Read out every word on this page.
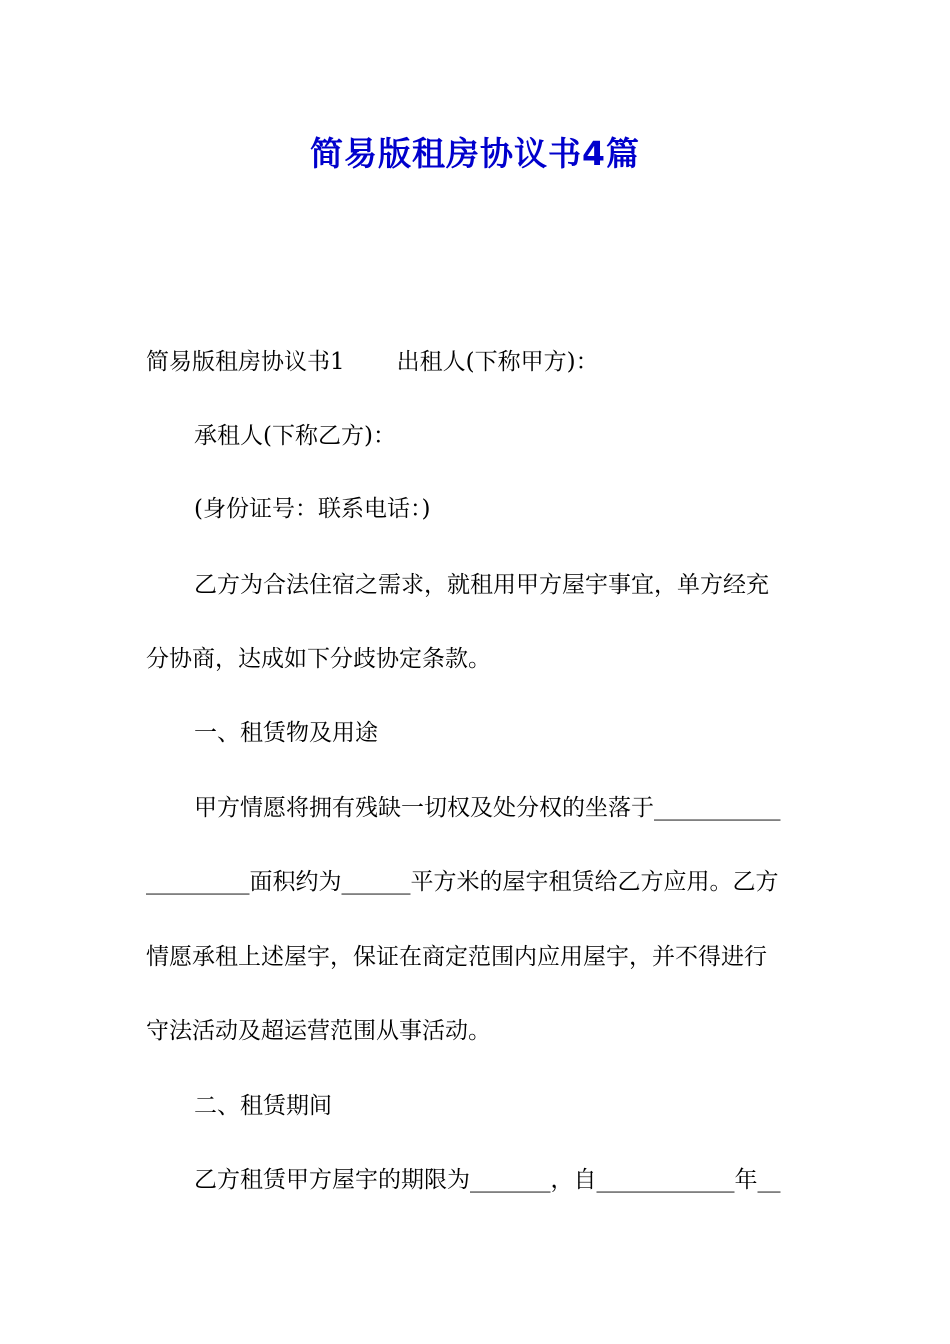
简易版租房协议书4篇

简易版租房协议书1 出租人(下称甲方)：

承租人(下称乙方)：

(身份证号：联系电话：)

乙方为合法住宿之需求，就租用甲方屋宇事宜，单方经充

分协商，达成如下分歧协定条款。

一、租赁物及用途

甲方情愿将拥有残缺一切权及处分权的坐落于___________

_________面积约为______平方米的屋宇租赁给乙方应用。乙方

情愿承租上述屋宇，保证在商定范围内应用屋宇，并不得进行

守法活动及超运营范围从事活动。

二、租赁期间

乙方租赁甲方屋宇的期限为_______，自____________年__
